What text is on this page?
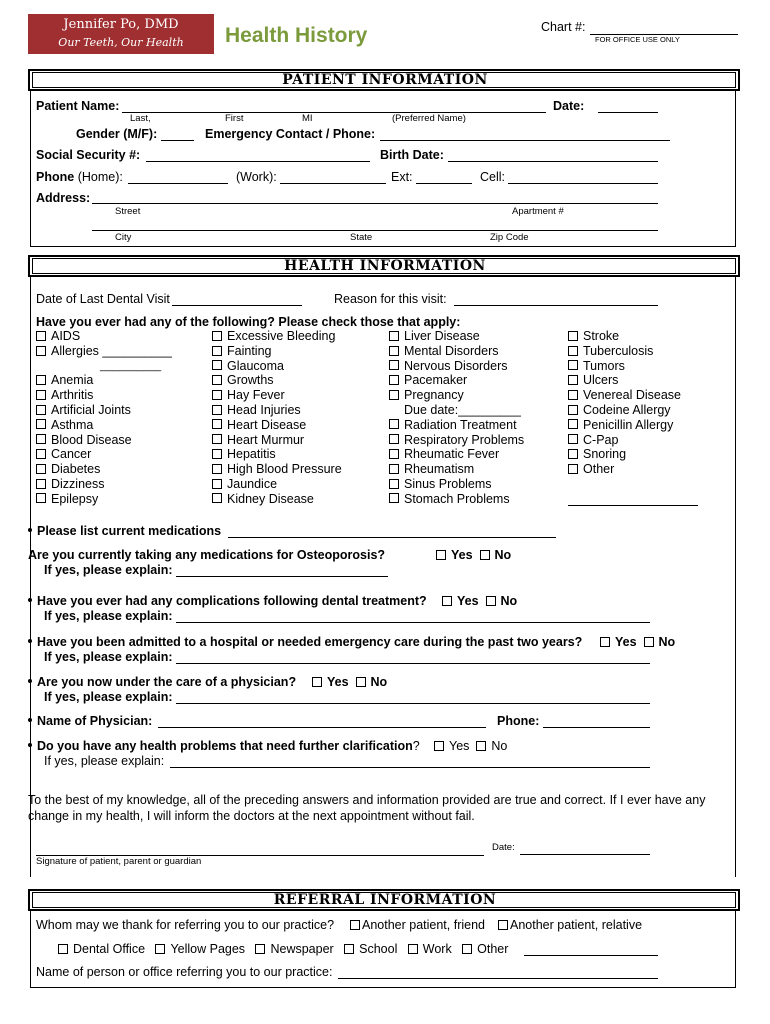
Jennifer Po, DMD
Our Teeth, Our Health	Health History	Chart #:
FOR OFFICE USE ONLY
PATIENT INFORMATION
Patient Name:	Date:
Last,	First	MI	(Preferred Name)
Gender (M/F):	Emergency Contact / Phone:
Social Security #:	Birth Date:
Phone (Home):	(Work):	Ext:	Cell:
Address:
Street	Apartment #
City	State	Zip Code
HEALTH INFORMATION
Date of Last Dental Visit	Reason for this visit:
Have you ever had any of the following? Please check those that apply:
AIDS
Allergies __________
__________
Anemia
Arthritis
Artificial Joints
Asthma
Blood Disease
Cancer
Diabetes
Dizziness
Epilepsy
Excessive Bleeding
Fainting
Glaucoma
Growths
Hay Fever
Head Injuries
Heart Disease
Heart Murmur
Hepatitis
High Blood Pressure
Jaundice
Kidney Disease
Liver Disease
Mental Disorders
Nervous Disorders
Pacemaker
Pregnancy
Due date:_________
Radiation Treatment
Respiratory Problems
Rheumatic Fever
Rheumatism
Sinus Problems
Stomach Problems
Stroke
Tuberculosis
Tumors
Ulcers
Venereal Disease
Codeine Allergy
Penicillin Allergy
C-Pap
Snoring
Other
Please list current medications
Are you currently taking any medications for Osteoporosis?	Yes No
If yes, please explain:
Have you ever had any complications following dental treatment?	Yes No
If yes, please explain:
Have you been admitted to a hospital or needed emergency care during the past two years?	Yes No
If yes, please explain:
Are you now under the care of a physician?	Yes No
If yes, please explain:
Name of Physician:	Phone:
Do you have any health problems that need further clarification?	Yes No
If yes, please explain:
To the best of my knowledge, all of the preceding answers and information provided are true and correct. If I ever have any
change in my health, I will inform the doctors at the next appointment without fail.
Date:
Signature of patient, parent or guardian
REFERRAL INFORMATION
Whom may we thank for referring you to our practice?	Another patient, friend	Another patient, relative
Dental Office Yellow Pages Newspaper School Work Other
Name of person or office referring you to our practice:
